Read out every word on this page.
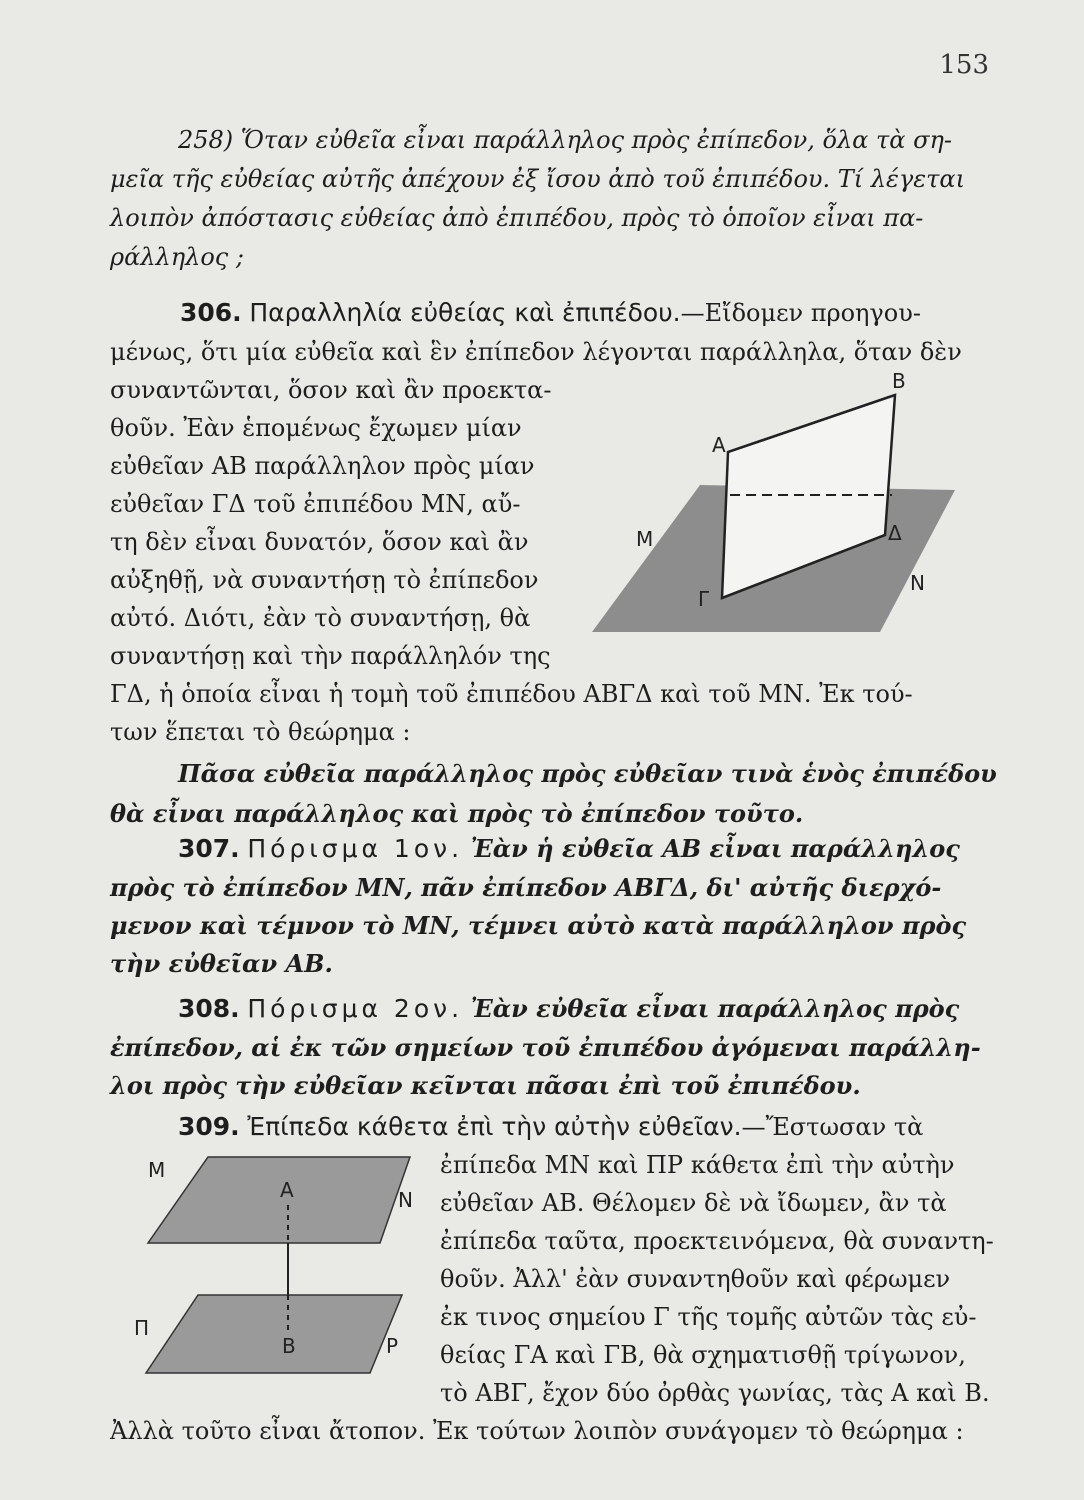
153
258) Ὅταν εὐθεῖα εἶναι παράλληλος πρὸς ἐπίπεδον, ὅλα τὰ ση-
μεῖα τῆς εὐθείας αὐτῆς ἀπέχουν ἐξ ἴσου ἀπὸ τοῦ ἐπιπέδου. Τί λέγεται
λοιπὸν ἀπόστασις εὐθείας ἀπὸ ἐπιπέδου, πρὸς τὸ ὁποῖον εἶναι πα-
ράλληλος ;
306. Παραλληλία εὐθείας καὶ ἐπιπέδου.—Εἴδομεν προηγου-
μένως, ὅτι μία εὐθεῖα καὶ ἓν ἐπίπεδον λέγονται παράλληλα, ὅταν δὲν
συναντῶνται, ὅσον καὶ ἂν προεκτα-
θοῦν. Ἐὰν ἑπομένως ἔχωμεν μίαν
εὐθεῖαν ΑΒ παράλληλον πρὸς μίαν
εὐθεῖαν ΓΔ τοῦ ἐπιπέδου ΜΝ, αὔ-
τη δὲν εἶναι δυνατόν, ὅσον καὶ ἂν
αὐξηθῇ, νὰ συναντήσῃ τὸ ἐπίπεδον
αὐτό. Διότι, ἐὰν τὸ συναντήσῃ, θὰ
συναντήσῃ καὶ τὴν παράλληλόν της
ΓΔ, ἡ ὁποία εἶναι ἡ τομὴ τοῦ ἐπιπέδου ΑΒΓΔ καὶ τοῦ ΜΝ. Ἐκ τού-
των ἕπεται τὸ θεώρημα :
Πᾶσα εὐθεῖα παράλληλος πρὸς εὐθεῖαν τινὰ ἑνὸς ἐπιπέδου
θὰ εἶναι παράλληλος καὶ πρὸς τὸ ἐπίπεδον τοῦτο.
Α
Β
Μ
Ν
Γ
Δ
307. Πόρισμα 1ον. Ἐὰν ἡ εὐθεῖα ΑΒ εἶναι παράλληλος
πρὸς τὸ ἐπίπεδον ΜΝ, πᾶν ἐπίπεδον ΑΒΓΔ, δι' αὐτῆς διερχό-
μενον καὶ τέμνον τὸ ΜΝ, τέμνει αὐτὸ κατὰ παράλληλον πρὸς
τὴν εὐθεῖαν ΑΒ.
308. Πόρισμα 2ον. Ἐὰν εὐθεῖα εἶναι παράλληλος πρὸς
ἐπίπεδον, αἱ ἐκ τῶν σημείων τοῦ ἐπιπέδου ἀγόμεναι παράλλη-
λοι πρὸς τὴν εὐθεῖαν κεῖνται πᾶσαι ἐπὶ τοῦ ἐπιπέδου.
309. Ἐπίπεδα κάθετα ἐπὶ τὴν αὐτὴν εὐθεῖαν.—Ἔστωσαν τὰ
ἐπίπεδα ΜΝ καὶ ΠΡ κάθετα ἐπὶ τὴν αὐτὴν
εὐθεῖαν ΑΒ. Θέλομεν δὲ νὰ ἴδωμεν, ἂν τὰ
ἐπίπεδα ταῦτα, προεκτεινόμενα, θὰ συναντη-
θοῦν. Ἀλλ' ἐὰν συναντηθοῦν καὶ φέρωμεν
ἐκ τινος σημείου Γ τῆς τομῆς αὐτῶν τὰς εὐ-
θείας ΓΑ καὶ ΓΒ, θὰ σχηματισθῇ τρίγωνον,
τὸ ΑΒΓ, ἔχον δύο ὀρθὰς γωνίας, τὰς Α καὶ Β.
Ἀλλὰ τοῦτο εἶναι ἄτοπον. Ἐκ τούτων λοιπὸν συνάγομεν τὸ θεώρημα :
Μ
Ν
Α
Π
Ρ
Β
